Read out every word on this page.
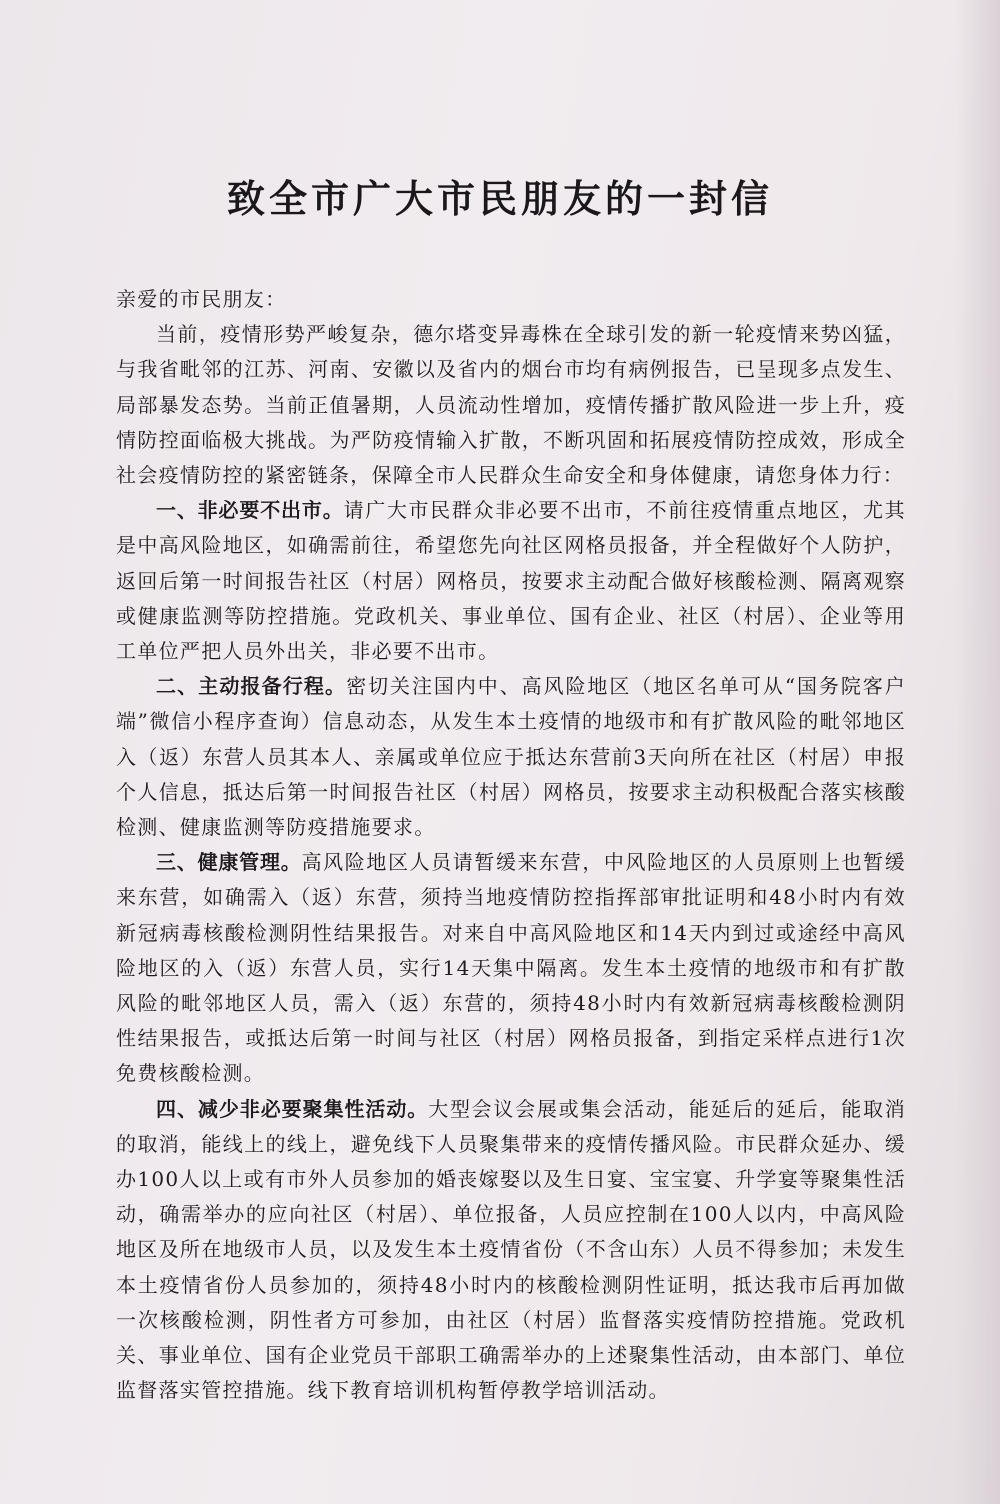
致全市广大市民朋友的一封信

亲爱的市民朋友：

当前，疫情形势严峻复杂，德尔塔变异毒株在全球引发的新一轮疫情来势凶猛，与我省毗邻的江苏、河南、安徽以及省内的烟台市均有病例报告，已呈现多点发生、局部暴发态势。当前正值暑期，人员流动性增加，疫情传播扩散风险进一步上升，疫情防控面临极大挑战。为严防疫情输入扩散，不断巩固和拓展疫情防控成效，形成全社会疫情防控的紧密链条，保障全市人民群众生命安全和身体健康，请您身体力行：

一、非必要不出市。请广大市民群众非必要不出市，不前往疫情重点地区，尤其是中高风险地区，如确需前往，希望您先向社区网格员报备，并全程做好个人防护，返回后第一时间报告社区（村居）网格员，按要求主动配合做好核酸检测、隔离观察或健康监测等防控措施。党政机关、事业单位、国有企业、社区（村居）、企业等用工单位严把人员外出关，非必要不出市。

二、主动报备行程。密切关注国内中、高风险地区（地区名单可从“国务院客户端”微信小程序查询）信息动态，从发生本土疫情的地级市和有扩散风险的毗邻地区入（返）东营人员其本人、亲属或单位应于抵达东营前3天向所在社区（村居）申报个人信息，抵达后第一时间报告社区（村居）网格员，按要求主动积极配合落实核酸检测、健康监测等防疫措施要求。

三、健康管理。高风险地区人员请暂缓来东营，中风险地区的人员原则上也暂缓来东营，如确需入（返）东营，须持当地疫情防控指挥部审批证明和48小时内有效新冠病毒核酸检测阴性结果报告。对来自中高风险地区和14天内到过或途经中高风险地区的入（返）东营人员，实行14天集中隔离。发生本土疫情的地级市和有扩散风险的毗邻地区人员，需入（返）东营的，须持48小时内有效新冠病毒核酸检测阴性结果报告，或抵达后第一时间与社区（村居）网格员报备，到指定采样点进行1次免费核酸检测。

四、减少非必要聚集性活动。大型会议会展或集会活动，能延后的延后，能取消的取消，能线上的线上，避免线下人员聚集带来的疫情传播风险。市民群众延办、缓办100人以上或有市外人员参加的婚丧嫁娶以及生日宴、宝宝宴、升学宴等聚集性活动，确需举办的应向社区（村居）、单位报备，人员应控制在100人以内，中高风险地区及所在地级市人员，以及发生本土疫情省份（不含山东）人员不得参加；未发生本土疫情省份人员参加的，须持48小时内的核酸检测阴性证明，抵达我市后再加做一次核酸检测，阴性者方可参加，由社区（村居）监督落实疫情防控措施。党政机关、事业单位、国有企业党员干部职工确需举办的上述聚集性活动，由本部门、单位监督落实管控措施。线下教育培训机构暂停教学培训活动。
